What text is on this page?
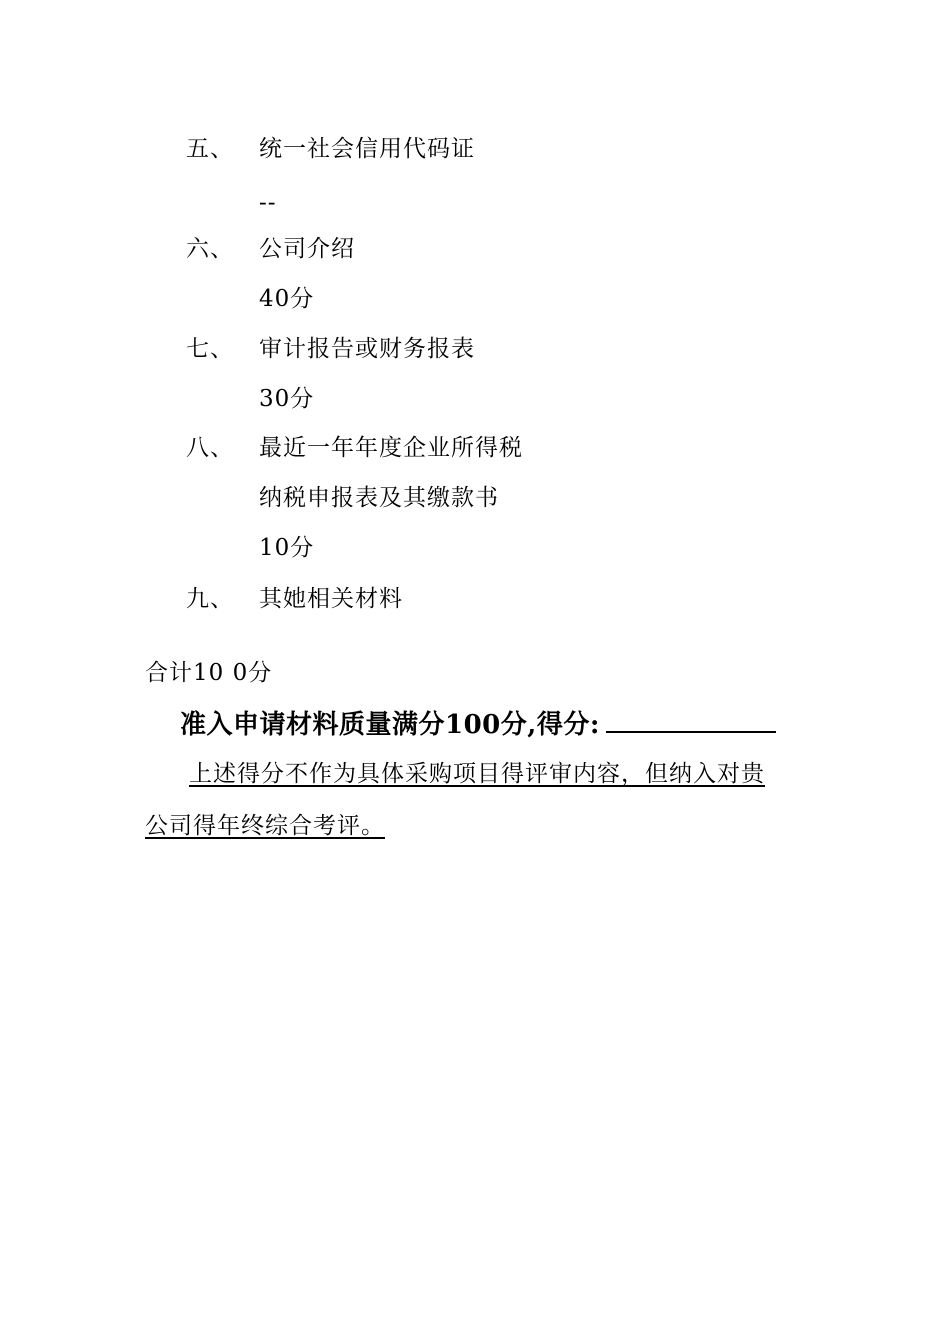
五、 统一社会信用代码证
--
六、 公司介绍
40分
七、 审计报告或财务报表
30分
八、 最近一年年度企业所得税
纳税申报表及其缴款书
10分
九、 其她相关材料
合计10 0分
准入申请材料质量满分100分,得分:
上述得分不作为具体采购项目得评审内容，但纳入对贵
公司得年终综合考评。
